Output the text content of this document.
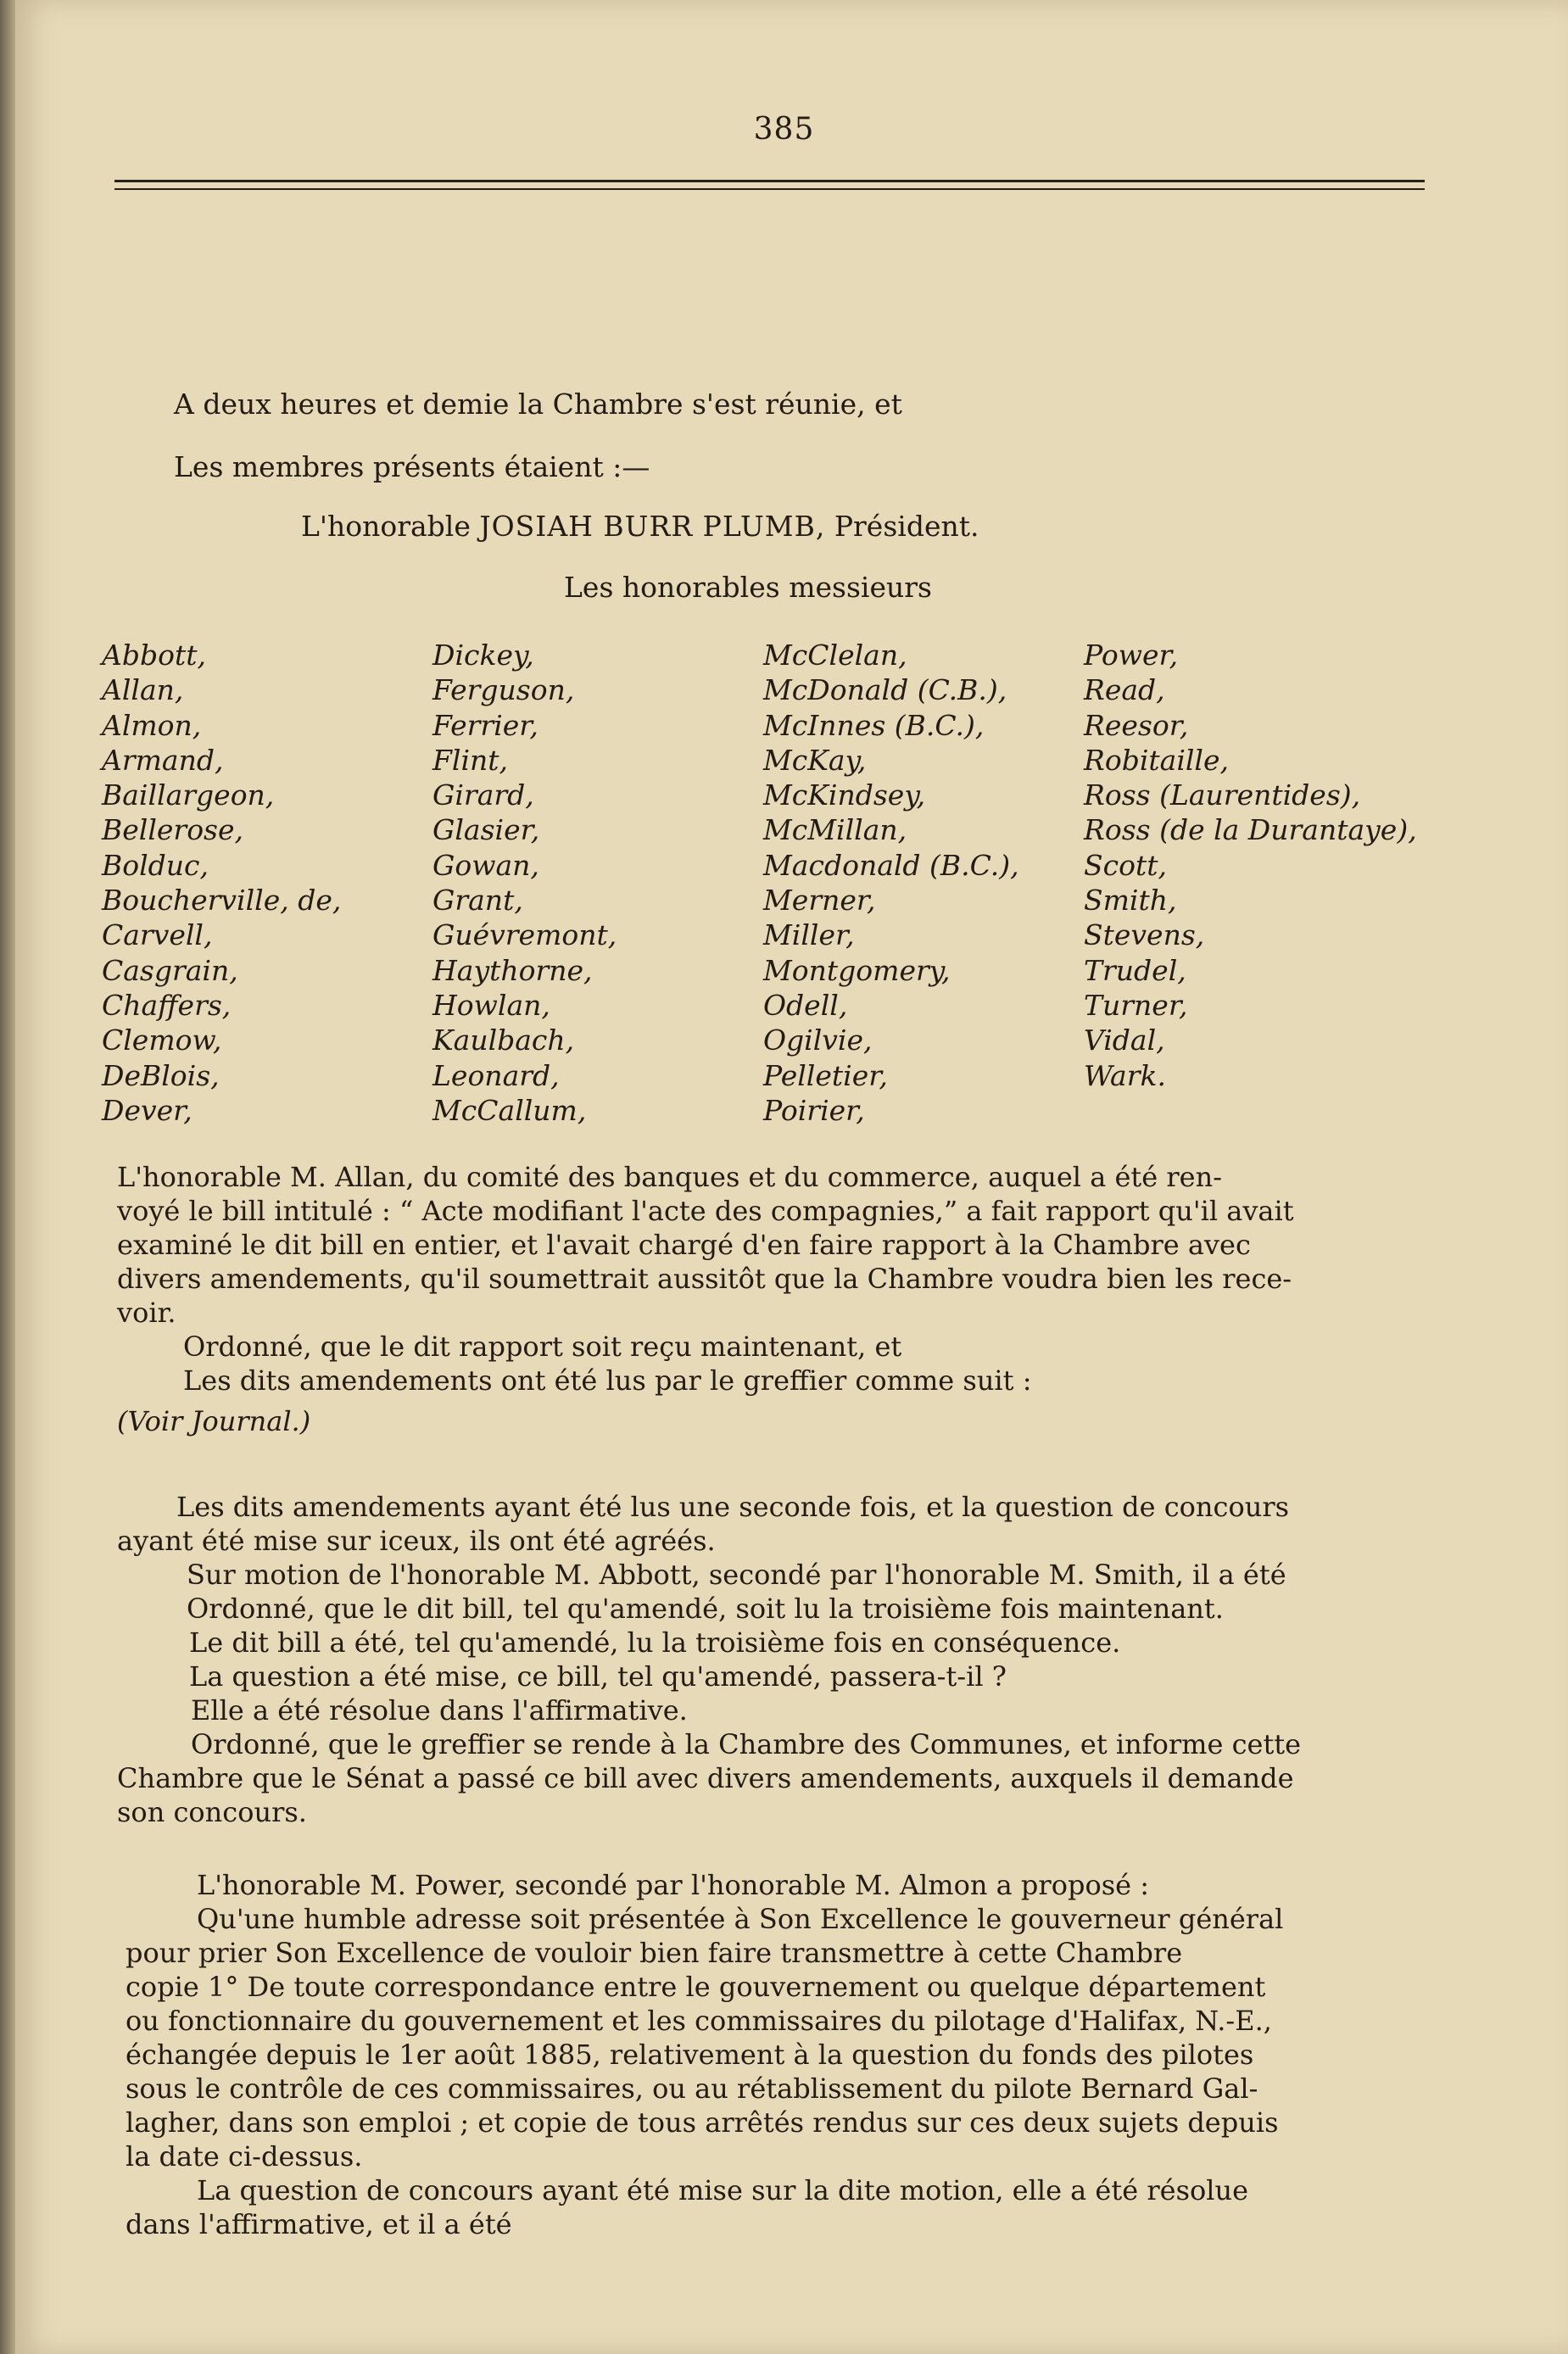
385
A deux heures et demie la Chambre s'est réunie, et
Les membres présents étaient :—
L'honorable JOSIAH BURR PLUMB, Président.
Les honorables messieurs
Abbott,
Allan,
Almon,
Armand,
Baillargeon,
Bellerose,
Bolduc,
Boucherville, de,
Carvell,
Casgrain,
Chaffers,
Clemow,
DeBlois,
Dever,
Dickey,
Ferguson,
Ferrier,
Flint,
Girard,
Glasier,
Gowan,
Grant,
Guévremont,
Haythorne,
Howlan,
Kaulbach,
Leonard,
McCallum,
McClelan,
McDonald (C.B.),
McInnes (B.C.),
McKay,
McKindsey,
McMillan,
Macdonald (B.C.),
Merner,
Miller,
Montgomery,
Odell,
Ogilvie,
Pelletier,
Poirier,
Power,
Read,
Reesor,
Robitaille,
Ross (Laurentides),
Ross (de la Durantaye),
Scott,
Smith,
Stevens,
Trudel,
Turner,
Vidal,
Wark.
L'honorable M. Allan, du comité des banques et du commerce, auquel a été ren-
voyé le bill intitulé : “ Acte modifiant l'acte des compagnies,” a fait rapport qu'il avait
examiné le dit bill en entier, et l'avait chargé d'en faire rapport à la Chambre avec
divers amendements, qu'il soumettrait aussitôt que la Chambre voudra bien les rece-
voir.
Ordonné, que le dit rapport soit reçu maintenant, et
Les dits amendements ont été lus par le greffier comme suit :
(Voir Journal.)
Les dits amendements ayant été lus une seconde fois, et la question de concours
ayant été mise sur iceux, ils ont été agréés.
Sur motion de l'honorable M. Abbott, secondé par l'honorable M. Smith, il a été
Ordonné, que le dit bill, tel qu'amendé, soit lu la troisième fois maintenant.
Le dit bill a été, tel qu'amendé, lu la troisième fois en conséquence.
La question a été mise, ce bill, tel qu'amendé, passera-t-il ?
Elle a été résolue dans l'affirmative.
Ordonné, que le greffier se rende à la Chambre des Communes, et informe cette
Chambre que le Sénat a passé ce bill avec divers amendements, auxquels il demande
son concours.
L'honorable M. Power, secondé par l'honorable M. Almon a proposé :
Qu'une humble adresse soit présentée à Son Excellence le gouverneur général
pour prier Son Excellence de vouloir bien faire transmettre à cette Chambre
copie 1° De toute correspondance entre le gouvernement ou quelque département
ou fonctionnaire du gouvernement et les commissaires du pilotage d'Halifax, N.-E.,
échangée depuis le 1er août 1885, relativement à la question du fonds des pilotes
sous le contrôle de ces commissaires, ou au rétablissement du pilote Bernard Gal-
lagher, dans son emploi ; et copie de tous arrêtés rendus sur ces deux sujets depuis
la date ci-dessus.
La question de concours ayant été mise sur la dite motion, elle a été résolue
dans l'affirmative, et il a été
